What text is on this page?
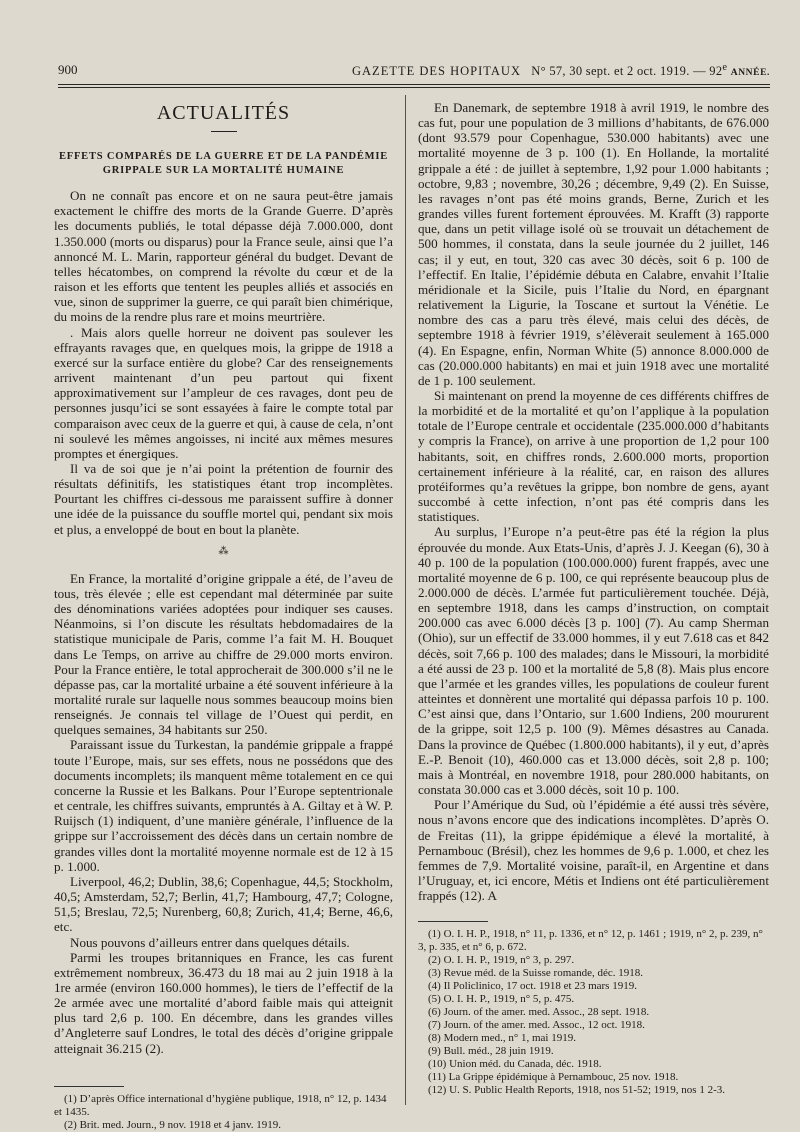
900	GAZETTE DES HOPITAUX N° 57, 30 sept. et 2 oct. 1919. — 92e ANNÉE.
ACTUALITÉS
EFFETS COMPARÉS DE LA GUERRE ET DE LA PANDÉMIE GRIPPALE SUR LA MORTALITÉ HUMAINE

On ne connaît pas encore et on ne saura peut-être jamais exactement le chiffre des morts de la Grande Guerre. D’après les documents publiés, le total dépasse déjà 7.000.000, dont 1.350.000 (morts ou disparus) pour la France seule, ainsi que l’a annoncé M. L. Marin, rapporteur général du budget. Devant de telles hécatombes, on comprend la révolte du cœur et de la raison et les efforts que tentent les peuples alliés et associés en vue, sinon de supprimer la guerre, ce qui paraît bien chimérique, du moins de la rendre plus rare et moins meurtrière.

. Mais alors quelle horreur ne doivent pas soulever les effrayants ravages que, en quelques mois, la grippe de 1918 a exercé sur la surface entière du globe? Car des renseignements arrivent maintenant d’un peu partout qui fixent approximativement sur l’ampleur de ces ravages, dont peu de personnes jusqu’ici se sont essayées à faire le compte total par comparaison avec ceux de la guerre et qui, à cause de cela, n’ont ni soulevé les mêmes angoisses, ni incité aux mêmes mesures promptes et énergiques.

Il va de soi que je n’ai point la prétention de fournir des résultats définitifs, les statistiques étant trop incomplètes. Pourtant les chiffres ci-dessous me paraissent suffire à donner une idée de la puissance du souffle mortel qui, pendant six mois et plus, a enveloppé de bout en bout la planète.

⁂

En France, la mortalité d’origine grippale a été, de l’aveu de tous, très élevée ; elle est cependant mal déterminée par suite des dénominations variées adoptées pour indiquer ses causes. Néanmoins, si l’on discute les résultats hebdomadaires de la statistique municipale de Paris, comme l’a fait M. H. Bouquet dans Le Temps, on arrive au chiffre de 29.000 morts environ. Pour la France entière, le total approcherait de 300.000 s’il ne le dépasse pas, car la mortalité urbaine a été souvent inférieure à la mortalité rurale sur laquelle nous sommes beaucoup moins bien renseignés. Je connais tel village de l’Ouest qui perdit, en quelques semaines, 34 habitants sur 250.

Paraissant issue du Turkestan, la pandémie grippale a frappé toute l’Europe, mais, sur ses effets, nous ne possédons que des documents incomplets; ils manquent même totalement en ce qui concerne la Russie et les Balkans. Pour l’Europe septentrionale et centrale, les chiffres suivants, empruntés à A. Giltay et à W. P. Ruijsch (1) indiquent, d’une manière générale, l’influence de la grippe sur l’accroissement des décès dans un certain nombre de grandes villes dont la mortalité moyenne normale est de 12 à 15 p. 1.000.

Liverpool, 46,2; Dublin, 38,6; Copenhague, 44,5; Stockholm, 40,5; Amsterdam, 52,7; Berlin, 41,7; Hambourg, 47,7; Cologne, 51,5; Breslau, 72,5; Nurenberg, 60,8; Zurich, 41,4; Berne, 46,6, etc.

Nous pouvons d’ailleurs entrer dans quelques détails.

Parmi les troupes britanniques en France, les cas furent extrêmement nombreux, 36.473 du 18 mai au 2 juin 1918 à la 1re armée (environ 160.000 hommes), le tiers de l’effectif de la 2e armée avec une mortalité d’abord faible mais qui atteignit plus tard 2,6 p. 100. En décembre, dans les grandes villes d’Angleterre sauf Londres, le total des décès d’origine grippale atteignait 36.215 (2).

(1) D’après Office international d’hygiène publique, 1918, n° 12, p. 1434 et 1435.
(2) Brit. med. Journ., 9 nov. 1918 et 4 janv. 1919.

En Danemark, de septembre 1918 à avril 1919, le nombre des cas fut, pour une population de 3 millions d’habitants, de 676.000 (dont 93.579 pour Copenhague, 530.000 habitants) avec une mortalité moyenne de 3 p. 100 (1). En Hollande, la mortalité grippale a été : de juillet à septembre, 1,92 pour 1.000 habitants ; octobre, 9,83 ; novembre, 30,26 ; décembre, 9,49 (2). En Suisse, les ravages n’ont pas été moins grands, Berne, Zurich et les grandes villes furent fortement éprouvées. M. Krafft (3) rapporte que, dans un petit village isolé où se trouvait un détachement de 500 hommes, il constata, dans la seule journée du 2 juillet, 146 cas; il y eut, en tout, 320 cas avec 30 décès, soit 6 p. 100 de l’effectif. En Italie, l’épidémie débuta en Calabre, envahit l’Italie méridionale et la Sicile, puis l’Italie du Nord, en épargnant relativement la Ligurie, la Toscane et surtout la Vénétie. Le nombre des cas a paru très élevé, mais celui des décès, de septembre 1918 à février 1919, s’élèverait seulement à 165.000 (4). En Espagne, enfin, Norman White (5) annonce 8.000.000 de cas (20.000.000 habitants) en mai et juin 1918 avec une mortalité de 1 p. 100 seulement.

Si maintenant on prend la moyenne de ces différents chiffres de la morbidité et de la mortalité et qu’on l’applique à la population totale de l’Europe centrale et occidentale (235.000.000 d’habitants y compris la France), on arrive à une proportion de 1,2 pour 100 habitants, soit, en chiffres ronds, 2.600.000 morts, proportion certainement inférieure à la réalité, car, en raison des allures protéiformes qu’a revêtues la grippe, bon nombre de gens, ayant succombé à cette infection, n’ont pas été compris dans les statistiques.

Au surplus, l’Europe n’a peut-être pas été la région la plus éprouvée du monde. Aux Etats-Unis, d’après J. J. Keegan (6), 30 à 40 p. 100 de la population (100.000.000) furent frappés, avec une mortalité moyenne de 6 p. 100, ce qui représente beaucoup plus de 2.000.000 de décès. L’armée fut particulièrement touchée. Déjà, en septembre 1918, dans les camps d’instruction, on comptait 200.000 cas avec 6.000 décès [3 p. 100] (7). Au camp Sherman (Ohio), sur un effectif de 33.000 hommes, il y eut 7.618 cas et 842 décès, soit 7,66 p. 100 des malades; dans le Missouri, la morbidité a été aussi de 23 p. 100 et la mortalité de 5,8 (8). Mais plus encore que l’armée et les grandes villes, les populations de couleur furent atteintes et donnèrent une mortalité qui dépassa parfois 10 p. 100. C’est ainsi que, dans l’Ontario, sur 1.600 Indiens, 200 moururent de la grippe, soit 12,5 p. 100 (9). Mêmes désastres au Canada. Dans la province de Québec (1.800.000 habitants), il y eut, d’après E.-P. Benoit (10), 460.000 cas et 13.000 décès, soit 2,8 p. 100; mais à Montréal, en novembre 1918, pour 280.000 habitants, on constata 30.000 cas et 3.000 décès, soit 10 p. 100.

Pour l’Amérique du Sud, où l’épidémie a été aussi très sévère, nous n’avons encore que des indications incomplètes. D’après O. de Freitas (11), la grippe épidémique a élevé la mortalité, à Pernambouc (Brésil), chez les hommes de 9,6 p. 1.000, et chez les femmes de 7,9. Mortalité voisine, paraît-il, en Argentine et dans l’Uruguay, et, ici encore, Métis et Indiens ont été particulièrement frappés (12). A

(1) O. I. H. P., 1918, n° 11, p. 1336, et n° 12, p. 1461 ; 1919, n° 2, p. 239, n° 3, p. 335, et n° 6, p. 672.
(2) O. I. H. P., 1919, n° 3, p. 297.
(3) Revue méd. de la Suisse romande, déc. 1918.
(4) Il Policlinico, 17 oct. 1918 et 23 mars 1919.
(5) O. I. H. P., 1919, n° 5, p. 475.
(6) Journ. of the amer. med. Assoc., 28 sept. 1918.
(7) Journ. of the amer. med. Assoc., 12 oct. 1918.
(8) Modern med., n° 1, mai 1919.
(9) Bull. méd., 28 juin 1919.
(10) Union méd. du Canada, déc. 1918.
(11) La Grippe épidémique à Pernambouc, 25 nov. 1918.
(12) U. S. Public Health Reports, 1918, nos 51-52; 1919, nos 1 2-3.
